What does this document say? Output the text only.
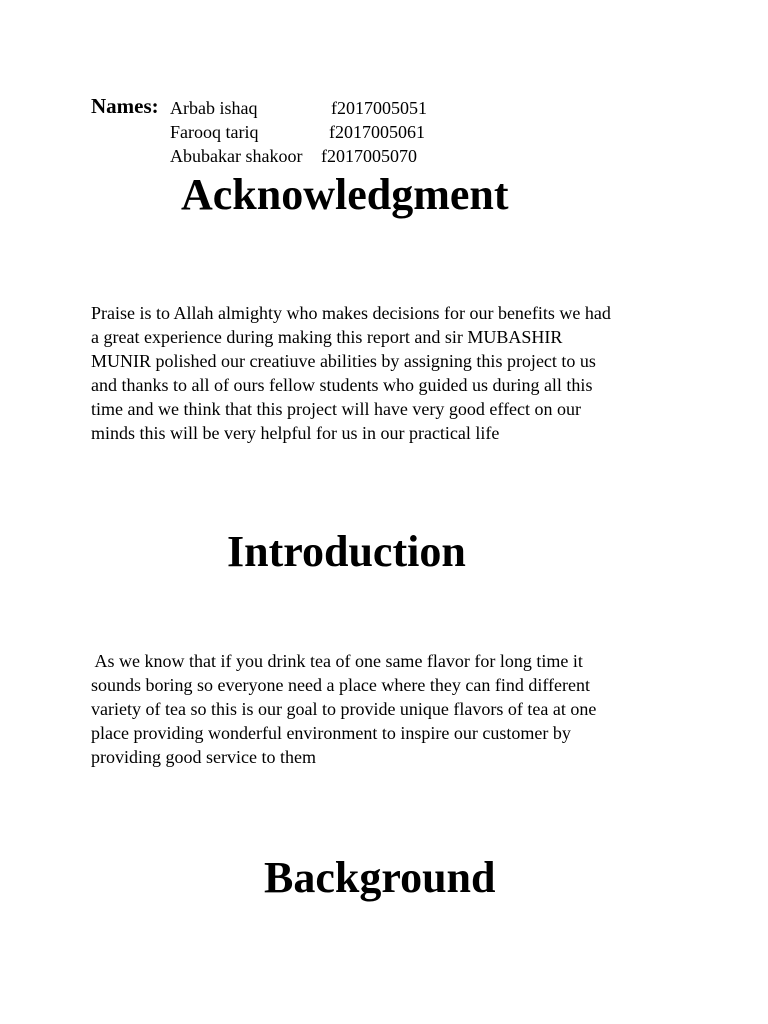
Names: Arbab ishaq	f2017005051
Farooq tariq	f2017005061
Abubakar shakoor f2017005070
Acknowledgment

Praise is to Allah almighty who makes decisions for our benefits we had
a great experience during making this report and sir MUBASHIR
MUNIR polished our creatiuve abilities by assigning this project to us
and thanks to all of ours fellow students who guided us during all this
time and we think that this project will have very good effect on our
minds this will be very helpful for us in our practical life

Introduction

As we know that if you drink tea of one same flavor for long time it
sounds boring so everyone need a place where they can find different
variety of tea so this is our goal to provide unique flavors of tea at one
place providing wonderful environment to inspire our customer by
providing good service to them

Background
